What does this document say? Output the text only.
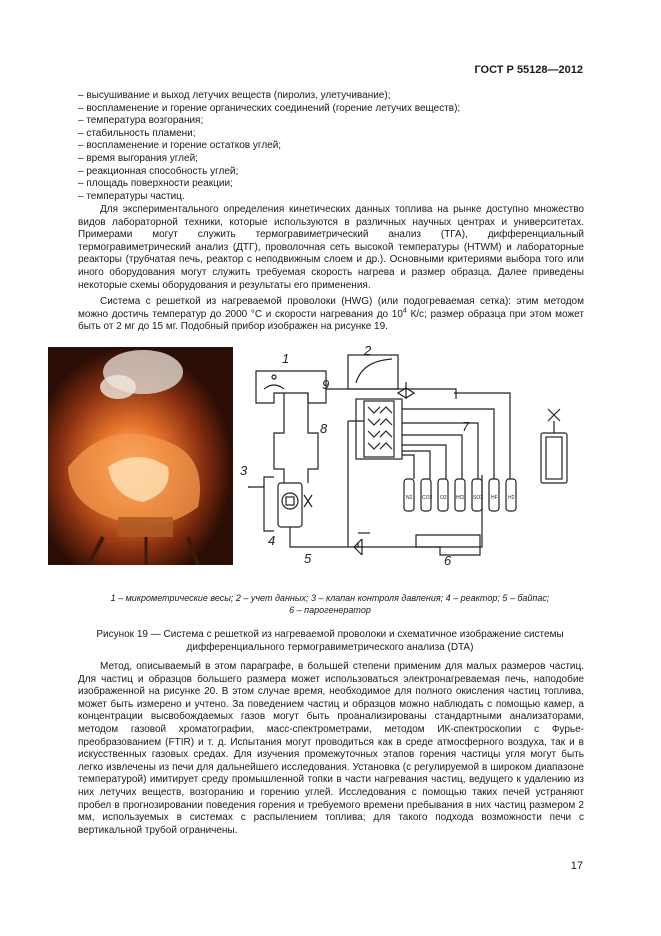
ГОСТ Р 55128—2012
– высушивание и выход летучих веществ (пиролиз, улетучивание);
– воспламенение и горение органических соединений (горение летучих веществ);
– температура возгорания;
– стабильность пламени;
– воспламенение и горение остатков углей;
– время выгорания углей;
– реакционная способность углей;
– площадь поверхности реакции;
– температуры частиц.

Для экспериментального определения кинетических данных топлива на рынке доступно множество видов лабораторной техники, которые используются в различных научных центрах и университетах. Примерами могут служить термогравиметрический анализ (ТГА), дифференциальный термогравиметрический анализ (ДТГ), проволочная сеть высокой температуры (HTWM) и лабораторные реакторы (трубчатая печь, реактор с неподвижным слоем и др.). Основными критериями выбора того или иного оборудования могут служить требуемая скорость нагрева и размер образца. Далее приведены некоторые схемы оборудования и результаты его применения.

Система с решеткой из нагреваемой проволоки (HWG) (или подогреваемая сетка): этим методом можно достичь температур до 2000 °С и скорости нагревания до $10^4$ К/с; размер образца при этом может быть от 2 мг до 15 мг. Подобный прибор изображен на рисунке 19.

1
2
3
4
5	6
7
8
9
N2 CO2 O2 HCl SO2 HF H2
1 – микрометрические весы; 2 – учет данных; 3 – клапан контроля давления; 4 – реактор; 5 – байпас;
6 – парогенератор
Рисунок 19 — Система с решеткой из нагреваемой проволоки и схематичное изображение системы
дифференциального термогравиметрического анализа (DTA)

Метод, описываемый в этом параграфе, в большей степени применим для малых размеров частиц. Для частиц и образцов большего размера может использоваться электронагреваемая печь, наподобие изображенной на рисунке 20. В этом случае время, необходимое для полного окисления частиц топлива, может быть измерено и учтено. За поведением частиц и образцов можно наблюдать с помощью камер, а концентрации высвобождаемых газов могут быть проанализированы стандартными анализаторами, методом газовой хроматографии, масс-спектрометрами, методом ИК-спектроскопии с Фурье-преобразованием (FTIR) и т. д. Испытания могут проводиться как в среде атмосферного воздуха, так и в искусственных газовых средах. Для изучения промежуточных этапов горения частицы угля могут быть легко извлечены из печи для дальнейшего исследования. Установка (с регулируемой в широком диапазоне температурой) имитирует среду промышленной топки в части нагревания частиц, ведущего к удалению из них летучих веществ, возгоранию и горению углей. Исследования с помощью таких печей устраняют пробел в прогнозировании поведения горения и требуемого времени пребывания в них частиц размером 2 мм, используемых в системах с распылением топлива; для такого подхода возможности печи с вертикальной трубой ограничены.

17
